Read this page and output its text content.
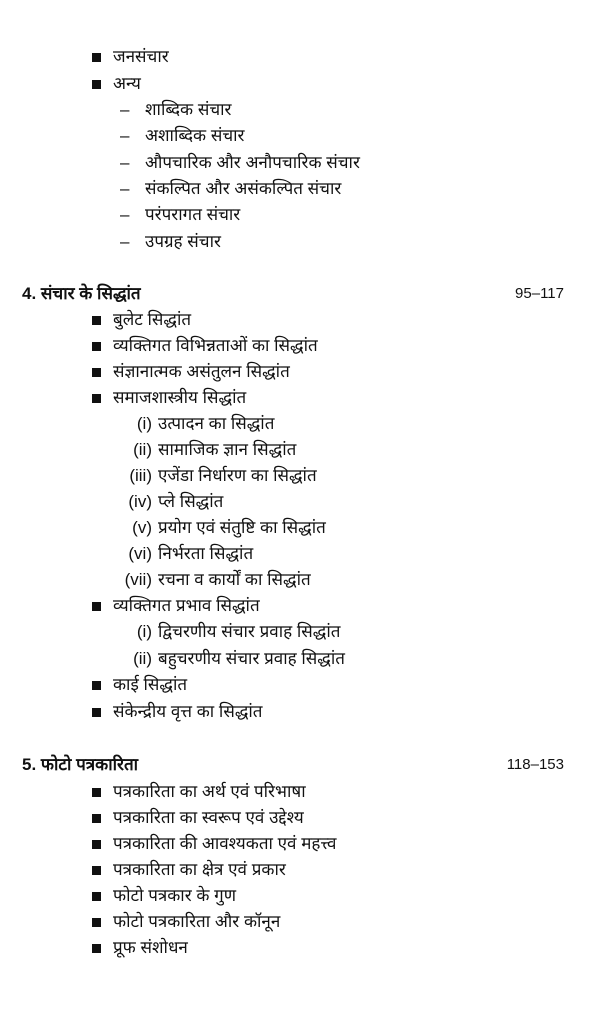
जनसंचार
अन्य
– शाब्दिक संचार
– अशाब्दिक संचार
– औपचारिक और अनौपचारिक संचार
– संकल्पित और असंकल्पित संचार
– परंपरागत संचार
– उपग्रह संचार
4. संचार के सिद्धांत	95–117
बुलेट सिद्धांत
व्यक्तिगत विभिन्नताओं का सिद्धांत
संज्ञानात्मक असंतुलन सिद्धांत
समाजशास्त्रीय सिद्धांत
(i) उत्पादन का सिद्धांत
(ii) सामाजिक ज्ञान सिद्धांत
(iii) एजेंडा निर्धारण का सिद्धांत
(iv) प्ले सिद्धांत
(v) प्रयोग एवं संतुष्टि का सिद्धांत
(vi) निर्भरता सिद्धांत
(vii) रचना व कार्यों का सिद्धांत
व्यक्तिगत प्रभाव सिद्धांत
(i) द्विचरणीय संचार प्रवाह सिद्धांत
(ii) बहुचरणीय संचार प्रवाह सिद्धांत
काई सिद्धांत
संकेन्द्रीय वृत्त का सिद्धांत
5. फोटो पत्रकारिता	118–153
पत्रकारिता का अर्थ एवं परिभाषा
पत्रकारिता का स्वरूप एवं उद्देश्य
पत्रकारिता की आवश्यकता एवं महत्त्व
पत्रकारिता का क्षेत्र एवं प्रकार
फोटो पत्रकार के गुण
फोटो पत्रकारिता और कॉनून
प्रूफ संशोधन
